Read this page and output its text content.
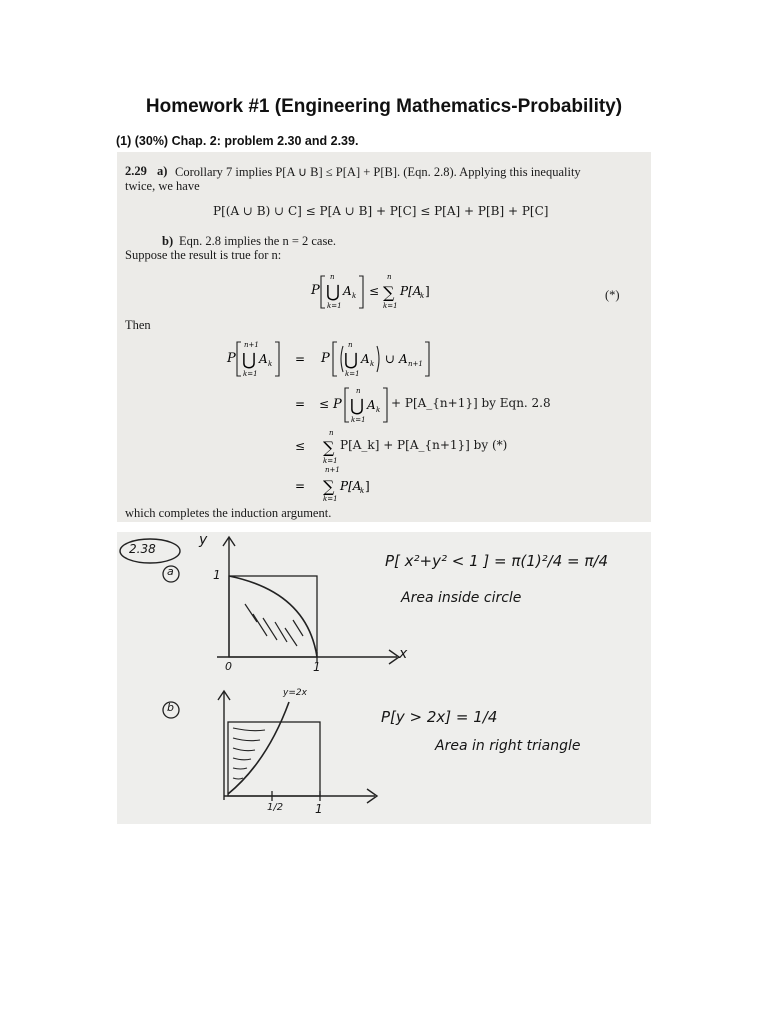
Homework #1 (Engineering Mathematics-Probability)
(1) (30%) Chap. 2: problem 2.30 and 2.39.
2.29 a) Corollary 7 implies P[A ∪ B] ≤ P[A] + P[B]. (Eqn. 2.8). Applying this inequality
twice, we have
P[(A ∪ B) ∪ C] ≤ P[A ∪ B] + P[C] ≤ P[A] + P[B] + P[C]
b) Eqn. 2.8 implies the n = 2 case.
Suppose the result is true for n:
P
n
⋃
k=1
A k ≤
n
∑
k=1
P[A
k ]	(*)
Then
P
n+1
⋃
k=1
A k = P
n
⋃
k=1
A k ∪ A n+1
= ≤ P
n
⋃
k=1
A k
≤
n
∑
k=1
=
n+1
∑
k=1
P[A
k ]
+ P[A_{n+1}] by Eqn. 2.8
P[A_k] + P[A_{n+1}] by (*)
which completes the induction argument.
2.38
a
y
1
0	1
x
P[ x²+y² < 1 ] = π(1)²/4 = π/4
Area inside circle
b
y=2x
1/2	1
P[y > 2x] = 1/4
Area in right triangle
